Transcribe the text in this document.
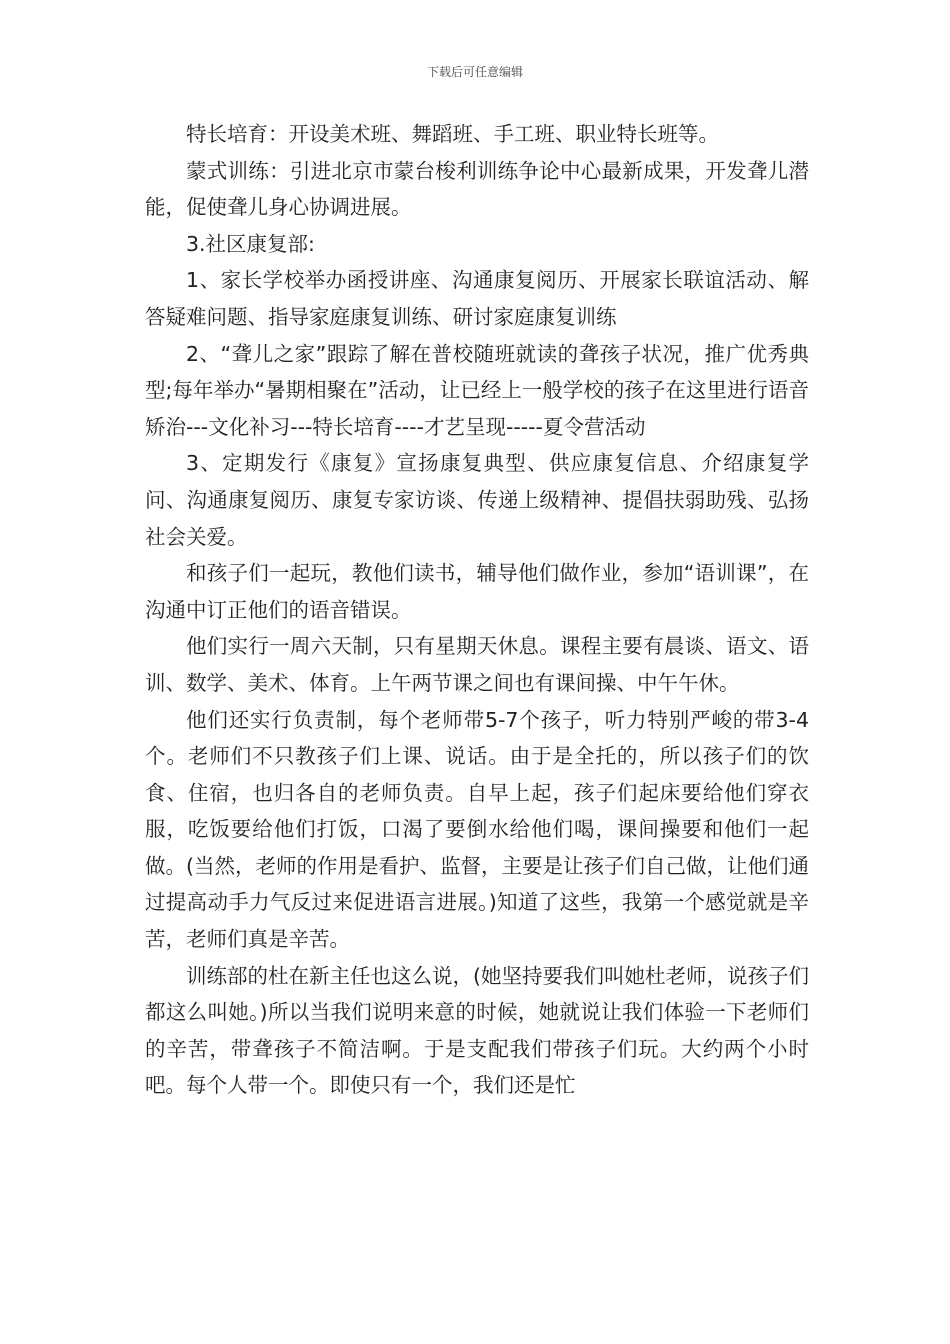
下载后可任意编辑

特长培育：开设美术班、舞蹈班、手工班、职业特长班等。

蒙式训练：引进北京市蒙台梭利训练争论中心最新成果，开发聋儿潜能，促使聋儿身心协调进展。

3.社区康复部:

1、家长学校举办函授讲座、沟通康复阅历、开展家长联谊活动、解答疑难问题、指导家庭康复训练、研讨家庭康复训练

2、“聋儿之家”跟踪了解在普校随班就读的聋孩子状况，推广优秀典型;每年举办“暑期相聚在”活动，让已经上一般学校的孩子在这里进行语音矫治---文化补习---特长培育----才艺呈现-----夏令营活动

3、定期发行《康复》宣扬康复典型、供应康复信息、介绍康复学问、沟通康复阅历、康复专家访谈、传递上级精神、提倡扶弱助残、弘扬社会关爱。

和孩子们一起玩，教他们读书，辅导他们做作业，参加“语训课”，在沟通中订正他们的语音错误。

他们实行一周六天制，只有星期天休息。课程主要有晨谈、语文、语训、数学、美术、体育。上午两节课之间也有课间操、中午午休。

他们还实行负责制，每个老师带5-7个孩子，听力特别严峻的带3-4个。老师们不只教孩子们上课、说话。由于是全托的，所以孩子们的饮食、住宿，也归各自的老师负责。自早上起，孩子们起床要给他们穿衣服，吃饭要给他们打饭，口渴了要倒水给他们喝，课间操要和他们一起做。(当然，老师的作用是看护、监督，主要是让孩子们自己做，让他们通过提高动手力气反过来促进语言进展。)知道了这些，我第一个感觉就是辛苦，老师们真是辛苦。

训练部的杜在新主任也这么说，(她坚持要我们叫她杜老师，说孩子们都这么叫她。)所以当我们说明来意的时候，她就说让我们体验一下老师们的辛苦，带聋孩子不简洁啊。于是支配我们带孩子们玩。大约两个小时吧。每个人带一个。即使只有一个，我们还是忙
